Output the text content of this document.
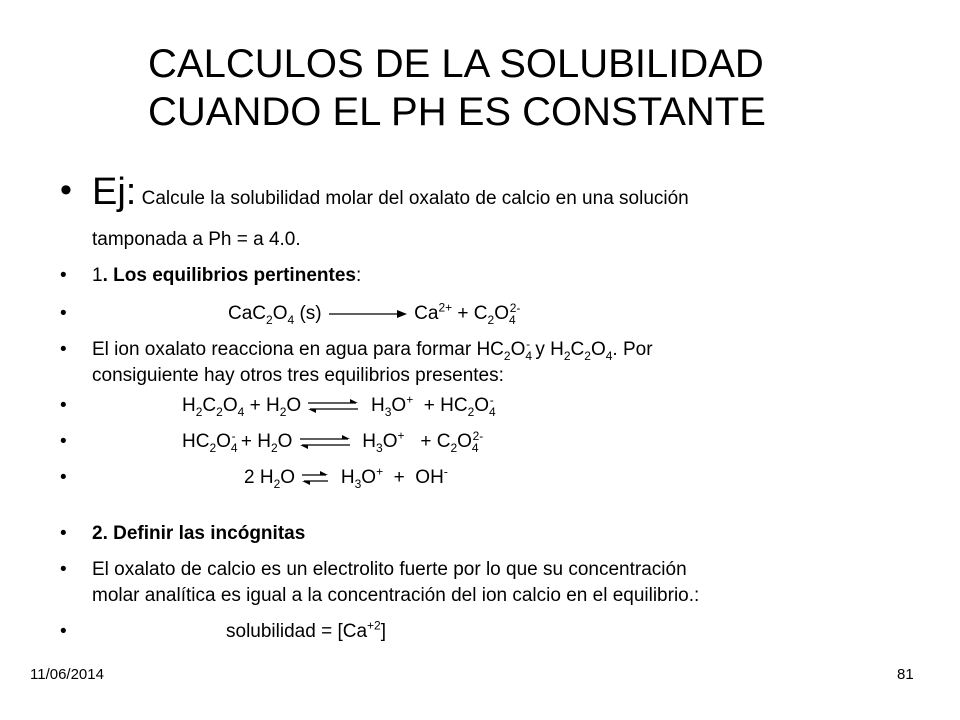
CALCULOS DE LA SOLUBILIDAD
CUANDO EL PH ES CONSTANTE
• Ej: Calcule la solubilidad molar del oxalato de calcio en una solución
tamponada a Ph = a 4.0.
•	1. Los equilibrios pertinentes:
•	$CaC_2O_4$ (s)	$Ca^{2+} + C_2O_4^{2-}$
•	El ion oxalato reacciona en agua para formar $HC_2O_4^-$ y $H_2C_2O_4$. Por
consiguiente hay otros tres equilibrios presentes:
•	$H_2C_2O_4 + H_2O$ ⇌ $H_3O^+ + HC_2O_4^-$
•	$HC_2O_4^- + H_2O$ ⇌ $H_3O^+ + C_2O_4^{2-}$
•	2 $H_2O$ ⇌ $H_3O^+ + OH^-$
•	2. Definir las incógnitas
•	El oxalato de calcio es un electrolito fuerte por lo que su concentración
molar analítica es igual a la concentración del ion calcio en el equilibrio.:
•	solubilidad = $[Ca^{+2}]$
11/06/2014	81
